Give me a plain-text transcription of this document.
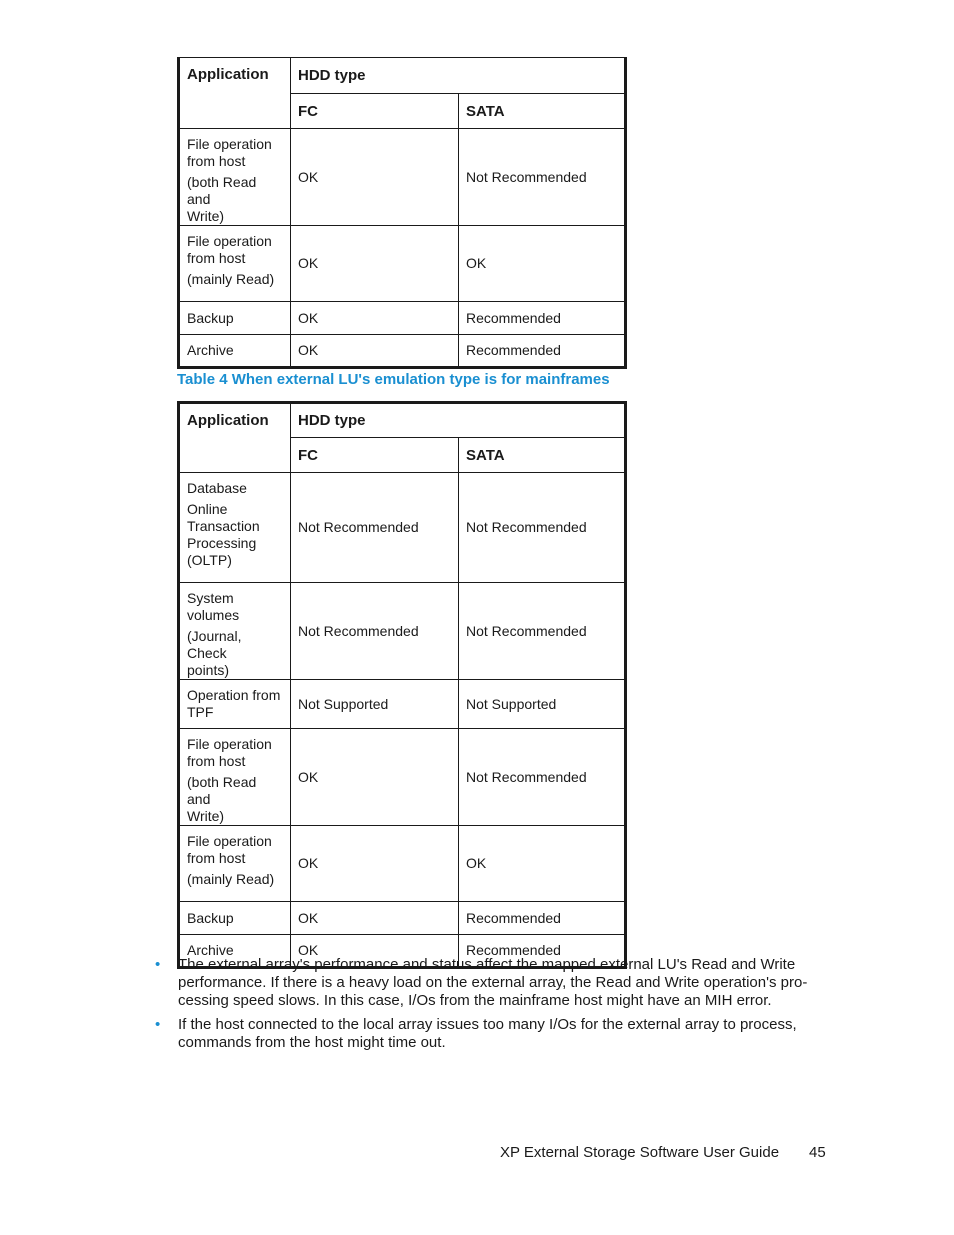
Application	HDD type	
	FC	SATA

File operation
from host
(both Read and
Write)	OK	Not Recommended

File operation
from host
(mainly Read)	OK	OK
Backup	OK	Recommended
Archive	OK	Recommended
Table 4 When external LU's emulation type is for mainframes
Application	HDD type	
	FC	SATA

Database
Online
Transaction
Processing
(OLTP)	Not Recommended	Not Recommended

System volumes
(Journal, Check
points)	Not Recommended	Not Recommended

Operation from
TPF	Not Supported	Not Supported

File operation
from host
(both Read and
Write)	OK	Not Recommended

File operation
from host
(mainly Read)	OK	OK
Backup	OK	Recommended
Archive	OK	Recommended
• The external array's performance and status affect the mapped external LU's Read and Write
performance. If there is a heavy load on the external array, the Read and Write operation's pro-
cessing speed slows. In this case, I/Os from the mainframe host might have an MIH error.
• If the host connected to the local array issues too many I/Os for the external array to process,
commands from the host might time out.
XP External Storage Software User Guide 45
